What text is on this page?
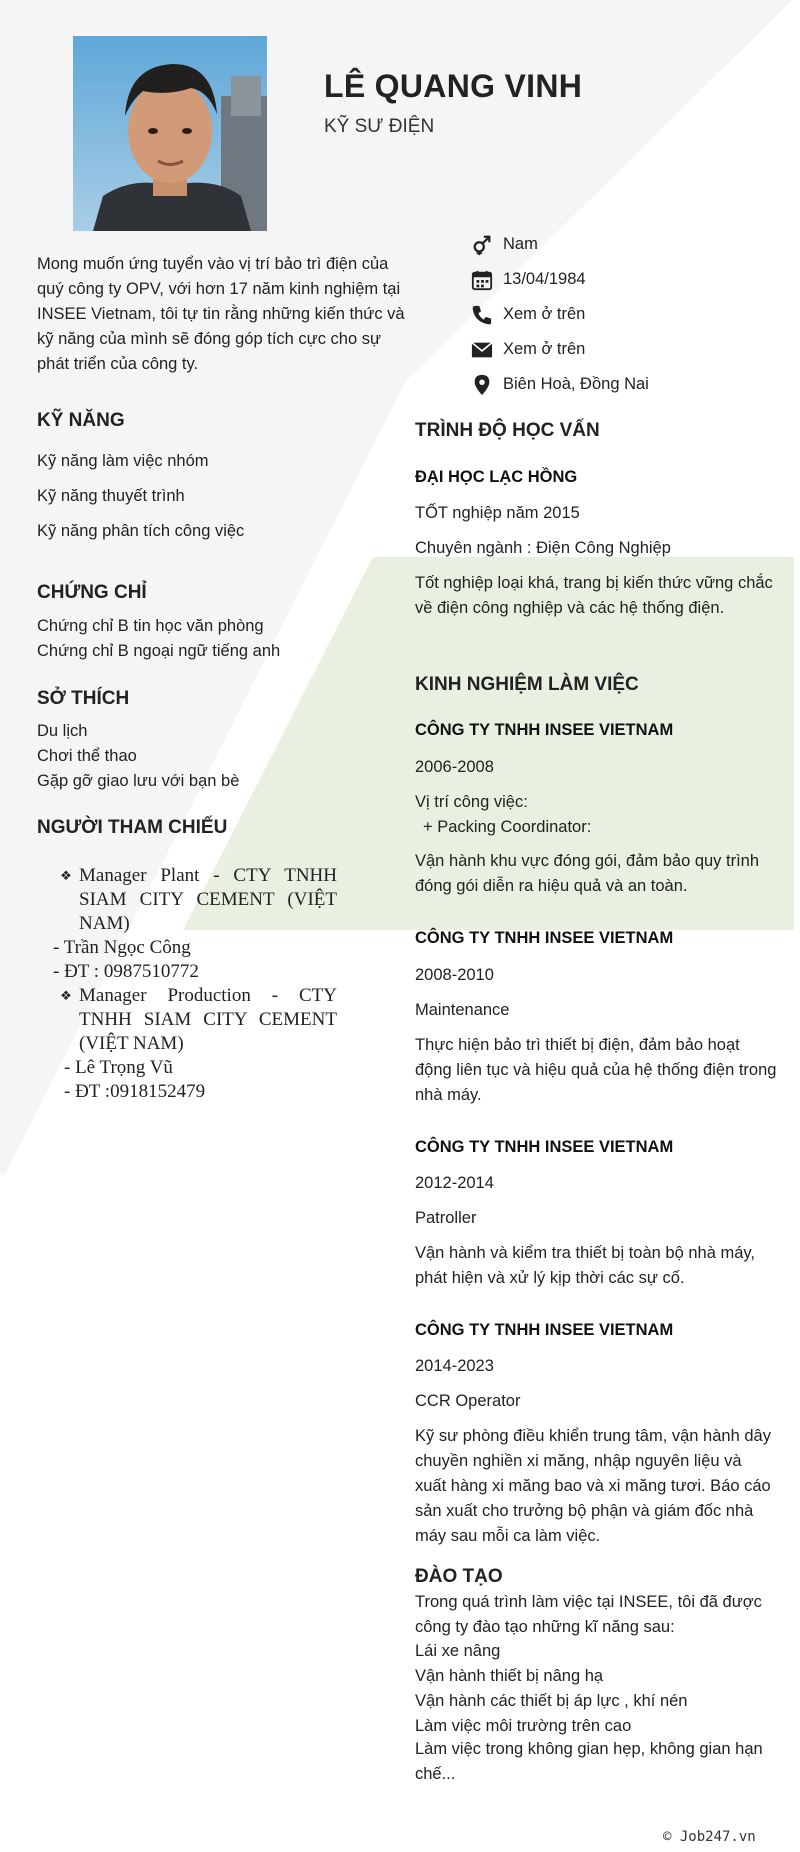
LÊ QUANG VINH
KỸ SƯ ĐIỆN
Mong muốn ứng tuyển vào vị trí bảo trì điện của quý công ty OPV, với hơn 17 năm kinh nghiệm tại INSEE Vietnam, tôi tự tin rằng những kiến thức và kỹ năng của mình sẽ đóng góp tích cực cho sự phát triển của công ty.
Nam
13/04/1984
Xem ở trên
Xem ở trên
Biên Hoà, Đồng Nai
KỸ NĂNG
Kỹ năng làm việc nhóm
Kỹ năng thuyết trình
Kỹ năng phân tích công việc
CHỨNG CHỈ
Chứng chỉ B tin học văn phòng
Chứng chỉ B ngoại ngữ tiếng anh
SỞ THÍCH
Du lịch
Chơi thể thao
Gặp gỡ giao lưu với bạn bè
NGƯỜI THAM CHIẾU
❖ Manager Plant - CTY TNHH SIAM CITY CEMENT (VIỆT NAM)
- Trần Ngọc Công
- ĐT : 0987510772
❖ Manager Production - CTY TNHH SIAM CITY CEMENT (VIỆT NAM)
- Lê Trọng Vũ
- ĐT :0918152479
TRÌNH ĐỘ HỌC VẤN
ĐẠI HỌC LẠC HỒNG
TỐT nghiệp năm 2015
Chuyên ngành : Điện Công Nghiệp
Tốt nghiệp loại khá, trang bị kiến thức vững chắc về điện công nghiệp và các hệ thống điện.
KINH NGHIỆM LÀM VIỆC
CÔNG TY TNHH INSEE VIETNAM
2006-2008
Vị trí công việc:
+ Packing Coordinator:
Vận hành khu vực đóng gói, đảm bảo quy trình đóng gói diễn ra hiệu quả và an toàn.
CÔNG TY TNHH INSEE VIETNAM
2008-2010
Maintenance
Thực hiện bảo trì thiết bị điện, đảm bảo hoạt động liên tục và hiệu quả của hệ thống điện trong nhà máy.
CÔNG TY TNHH INSEE VIETNAM
2012-2014
Patroller
Vận hành và kiểm tra thiết bị toàn bộ nhà máy, phát hiện và xử lý kịp thời các sự cố.
CÔNG TY TNHH INSEE VIETNAM
2014-2023
CCR Operator
Kỹ sư phòng điều khiển trung tâm, vận hành dây chuyền nghiền xi măng, nhập nguyên liệu và xuất hàng xi măng bao và xi măng tươi. Báo cáo sản xuất cho trưởng bộ phận và giám đốc nhà máy sau mỗi ca làm việc.
ĐÀO TẠO
Trong quá trình làm việc tại INSEE, tôi đã được công ty đào tạo những kĩ năng sau:
Lái xe nâng
Vận hành thiết bị nâng hạ
Vận hành các thiết bị áp lực , khí nén
Làm việc môi trường trên cao
Làm việc trong không gian hẹp, không gian hạn chế...
© Job247.vn
